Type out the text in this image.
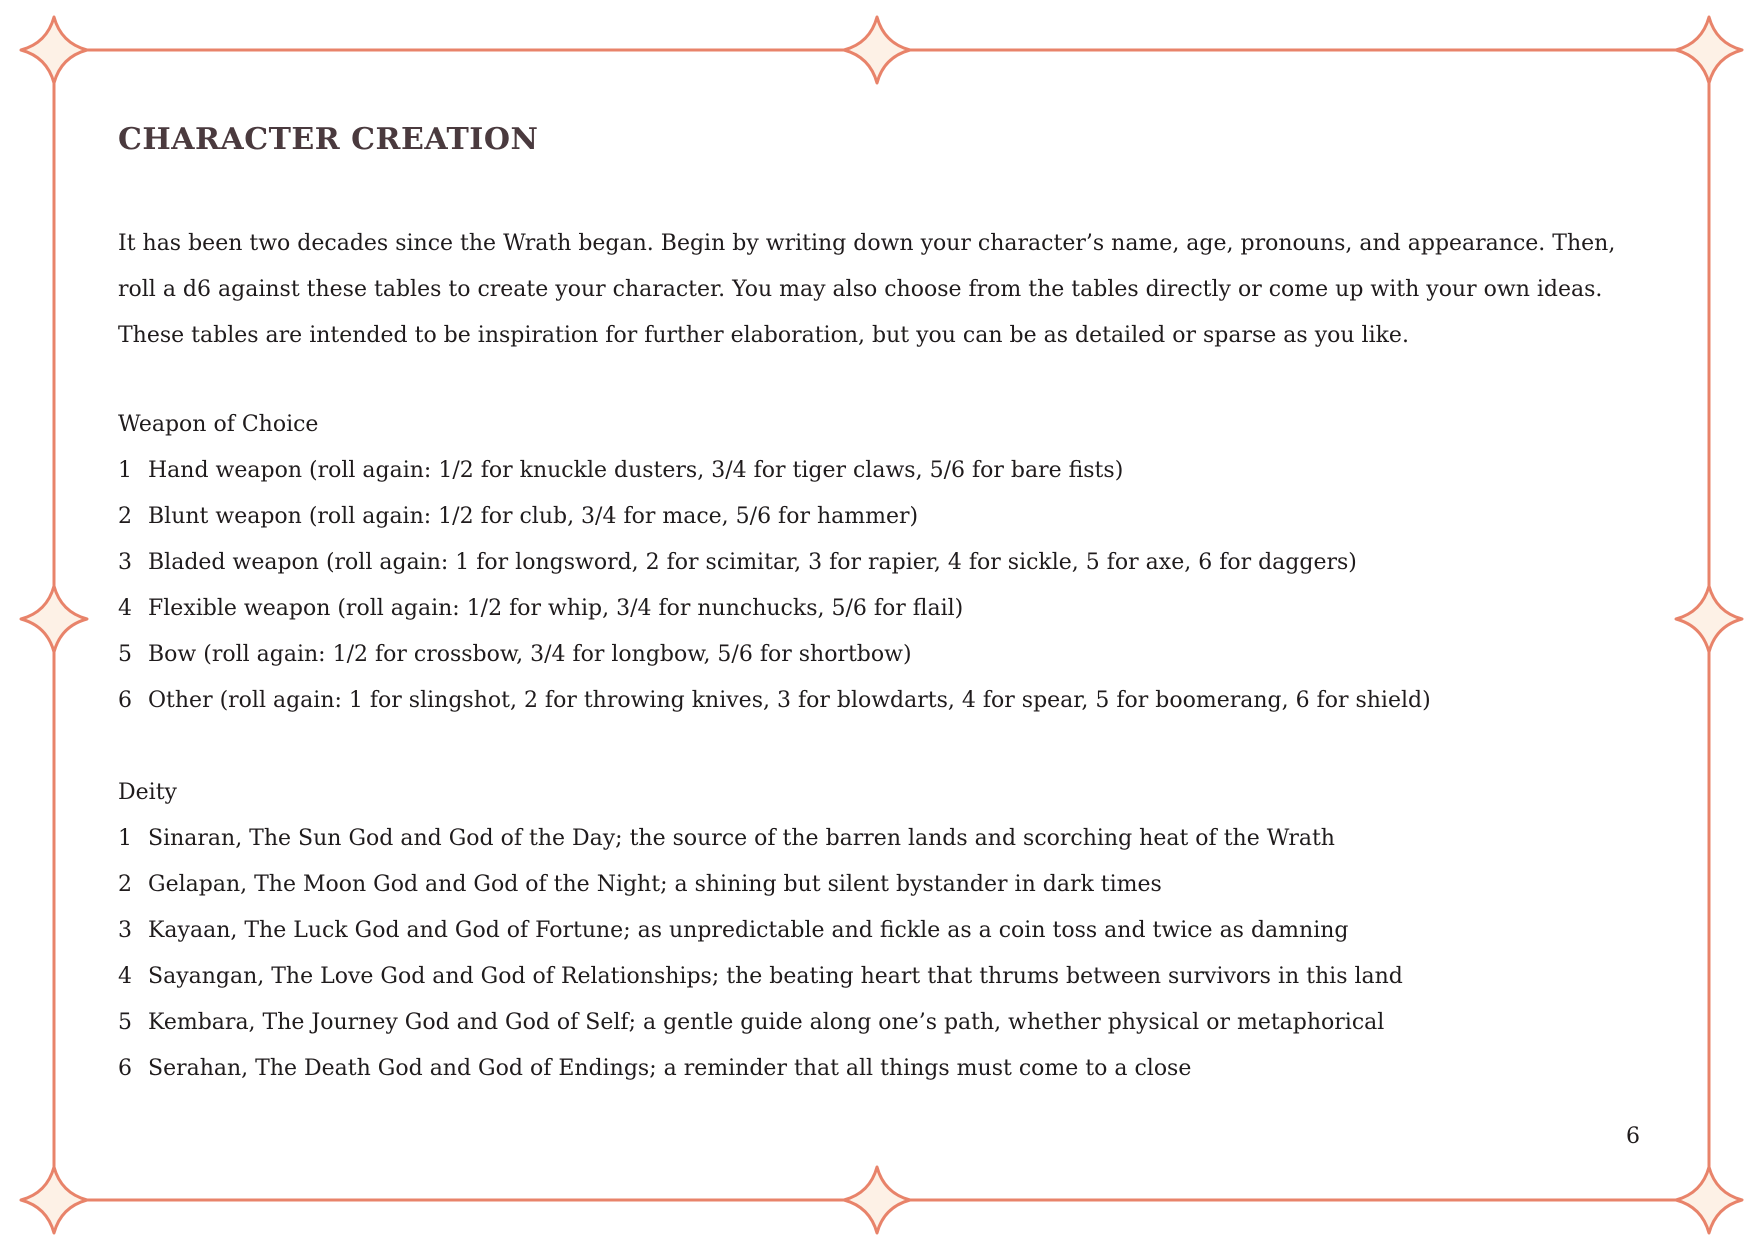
CHARACTER CREATION

It has been two decades since the Wrath began. Begin by writing down your character’s name, age, pronouns, and appearance. Then, roll a d6 against these tables to create your character. You may also choose from the tables directly or come up with your own ideas. These tables are intended to be inspiration for further elaboration, but you can be as detailed or sparse as you like.

Weapon of Choice
1 Hand weapon (roll again: 1/2 for knuckle dusters, 3/4 for tiger claws, 5/6 for bare fists)
2 Blunt weapon (roll again: 1/2 for club, 3/4 for mace, 5/6 for hammer)
3 Bladed weapon (roll again: 1 for longsword, 2 for scimitar, 3 for rapier, 4 for sickle, 5 for axe, 6 for daggers)
4 Flexible weapon (roll again: 1/2 for whip, 3/4 for nunchucks, 5/6 for flail)
5 Bow (roll again: 1/2 for crossbow, 3/4 for longbow, 5/6 for shortbow)
6 Other (roll again: 1 for slingshot, 2 for throwing knives, 3 for blowdarts, 4 for spear, 5 for boomerang, 6 for shield)
Deity
1 Sinaran, The Sun God and God of the Day; the source of the barren lands and scorching heat of the Wrath
2 Gelapan, The Moon God and God of the Night; a shining but silent bystander in dark times
3 Kayaan, The Luck God and God of Fortune; as unpredictable and fickle as a coin toss and twice as damning
4 Sayangan, The Love God and God of Relationships; the beating heart that thrums between survivors in this land
5 Kembara, The Journey God and God of Self; a gentle guide along one’s path, whether physical or metaphorical
6 Serahan, The Death God and God of Endings; a reminder that all things must come to a close
6
